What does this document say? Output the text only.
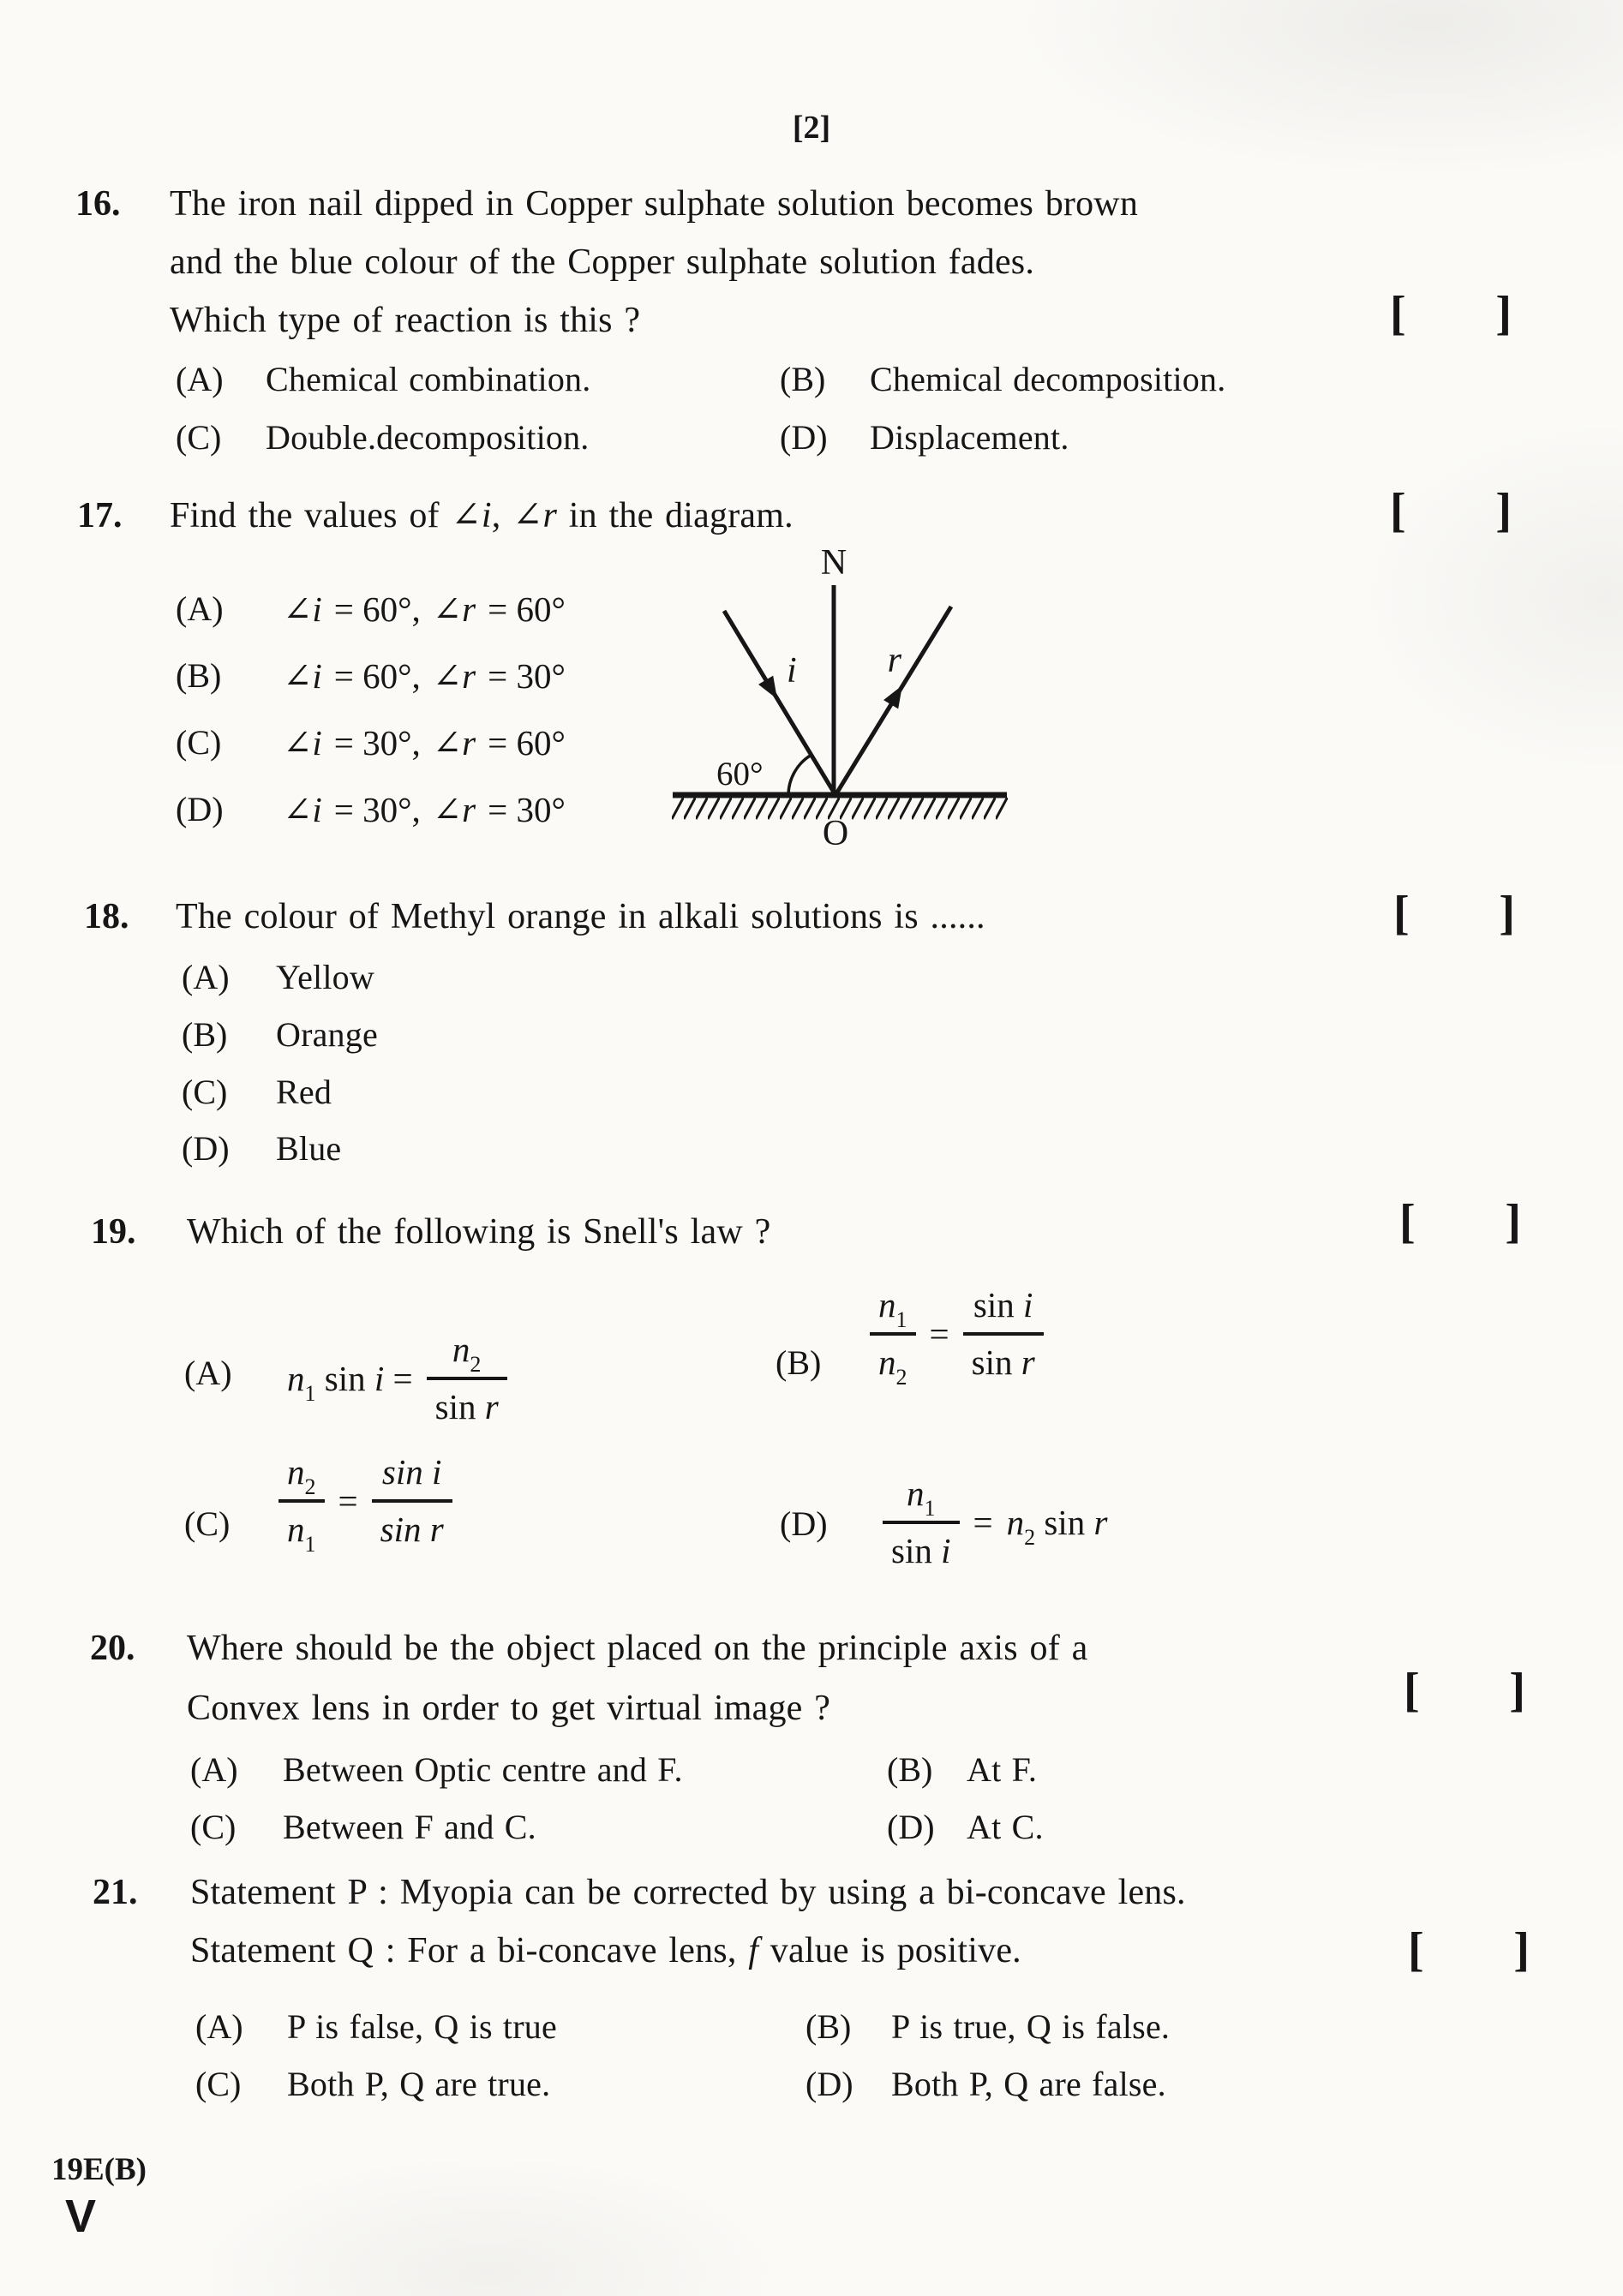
[2]
16. The iron nail dipped in Copper sulphate solution becomes brown
and the blue colour of the Copper sulphate solution fades.
Which type of reaction is this ?	[ ]
(A) Chemical combination.	(B) Chemical decomposition.
(C) Double.decomposition.	(D) Displacement.
17. Find the values of ∠i, ∠r in the diagram.	[ ]
(A) ∠i = 60°, ∠r = 60°
(B) ∠i = 60°, ∠r = 30°
(C) ∠i = 30°, ∠r = 60°
(D) ∠i = 30°, ∠r = 30°
N
i	r
60°
O
18. The colour of Methyl orange in alkali solutions is ......	[ ]
(A) Yellow
(B) Orange
(C) Red
(D) Blue
19. Which of the following is Snell's law ?	[ ]
(A) $n_1$ $\sin i = \frac{n_2}{\text{sin r}}$	$(B) \frac{n_1}{n_2} = \frac{\text{sin i}}{\text{sin r}}$
$(C) \frac{n_2}{n_1} = \frac{\text{sin i}}{\text{sin r}}$	$(D) \frac{n_1}{\text{sin i}} = n_2$ sin r
20. Where should be the object placed on the principle axis of a
Convex lens in order to get virtual image ?	[ ]
(A) Between Optic centre and F.	(B) At F.
(C) Between F and C.	(D) At C.
21. Statement P : Myopia can be corrected by using a bi-concave lens.
Statement Q : For a bi-concave lens, f value is positive.	[ ]
(A) P is false, Q is true	(B) P is true, Q is false.
(C) Both P, Q are true.	(D) Both P, Q are false.
19E(B)
V
